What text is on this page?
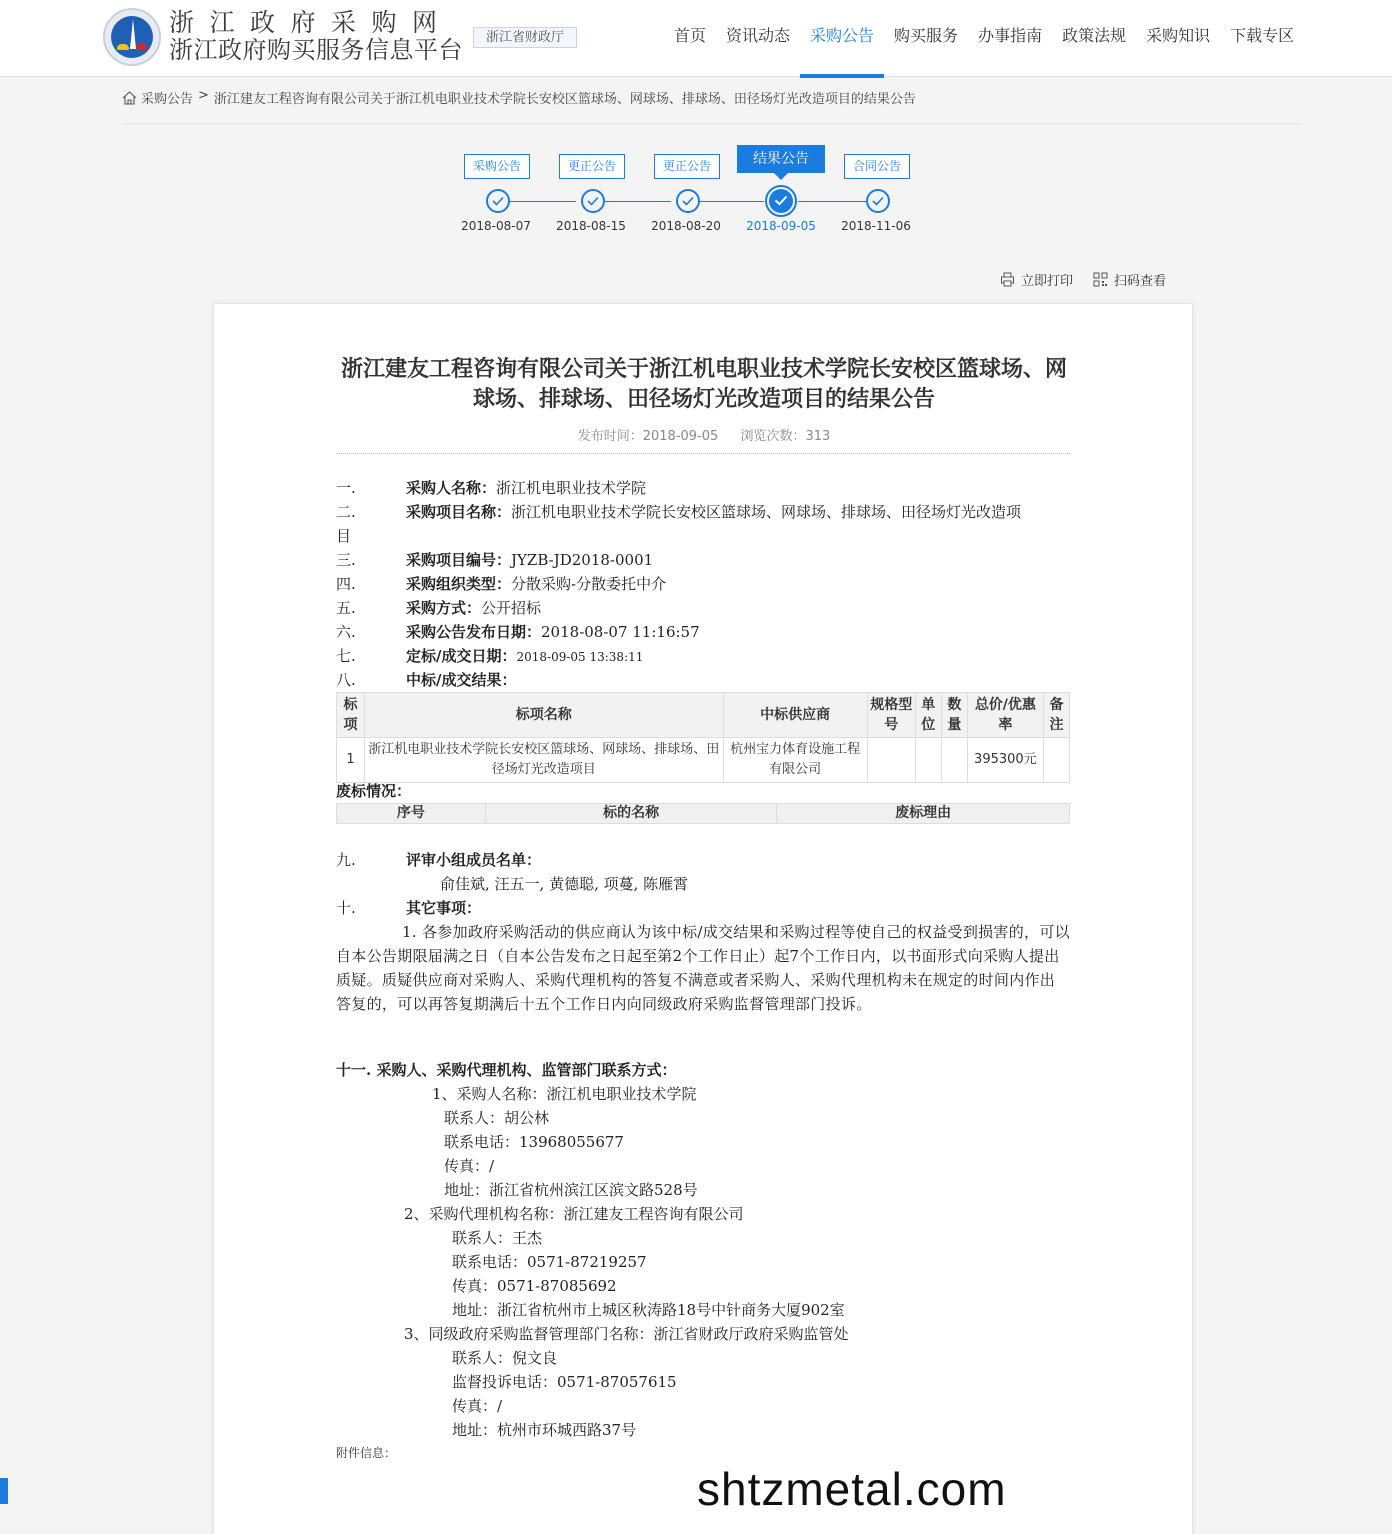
浙江政府采购网
浙江政府购买服务信息平台	浙江省财政厅	首页	资讯动态	采购公告	购买服务	办事指南	政策法规	采购知识	下载专区
采购公告 > 浙江建友工程咨询有限公司关于浙江机电职业技术学院长安校区篮球场、网球场、排球场、田径场灯光改造项目的结果公告
采购公告	更正公告	更正公告	结果公告	合同公告
2018-08-07	2018-08-15	2018-08-20	2018-09-05	2018-11-06
立即打印	扫码查看
浙江建友工程咨询有限公司关于浙江机电职业技术学院长安校区篮球场、网球场、排球场、田径场灯光改造项目的结果公告
发布时间：2018-09-05 浏览次数：313
一.	采购人名称：浙江机电职业技术学院
二.	采购项目名称：浙江机电职业技术学院长安校区篮球场、网球场、排球场、田径场灯光改造项
目
三.	采购项目编号：JYZB-JD2018-0001
四.	采购组织类型：分散采购-分散委托中介
五.	采购方式：公开招标
六.	采购公告发布日期：2018-08-07 11:16:57
七.	定标/成交日期：2018-09-05 13:38:11
八.	中标/成交结果：
废标情况：
九.	评审小组成员名单：
俞佳斌, 汪五一, 黄德聪, 项蔓, 陈雁霄
十.	其它事项：
十一. 采购人、采购代理机构、监管部门联系方式：
1、采购人名称：浙江机电职业技术学院
联系人：胡公林
联系电话：13968055677
传真：/
地址：浙江省杭州滨江区滨文路528号
2、采购代理机构名称：浙江建友工程咨询有限公司
联系人：王杰
联系电话：0571-87219257
传真：0571-87085692
地址：浙江省杭州市上城区秋涛路18号中针商务大厦902室
3、同级政府采购监督管理部门名称：浙江省财政厅政府采购监管处
联系人：倪文良
监督投诉电话：0571-87057615
传真：/
地址：杭州市环城西路37号
标项	标项名称	中标供应商	规格型号	单位	数量	总价/优惠率	备注
1	浙江机电职业技术学院长安校区篮球场、网球场、排球场、田径场灯光改造项目	杭州宝力体育设施工程有限公司				395300元	
序号	标的名称	废标理由
1. 各参加政府采购活动的供应商认为该中标/成交结果和采购过程等使自己的权益受到损害的，可以自本公告期限届满之日（自本公告发布之日起至第2个工作日止）起7个工作日内，以书面形式向采购人提出质疑。质疑供应商对采购人、采购代理机构的答复不满意或者采购人、采购代理机构未在规定的时间内作出答复的，可以再答复期满后十五个工作日内向同级政府采购监督管理部门投诉。
附件信息：
shtzmetal.com
